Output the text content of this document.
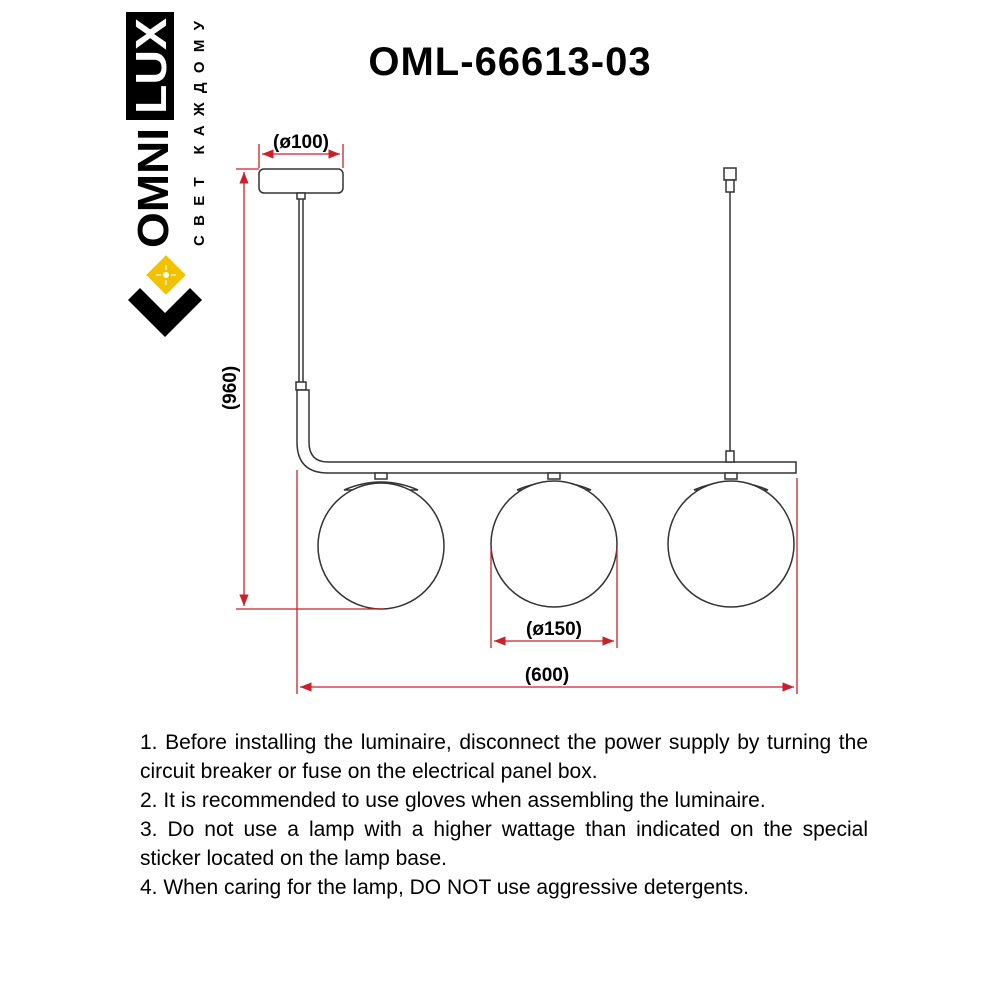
OMNI
LUX
СВЕТ КАЖДОМУ
(ø100)
(960)
(ø150)
(600)
OML-66613-03
1. Before installing the luminaire, disconnect the power supply by turning the circuit breaker or fuse on the electrical panel box.
2. It is recommended to use gloves when assembling the luminaire.
3. Do not use a lamp with a higher wattage than indicated on the special sticker located on the lamp base.
4. When caring for the lamp, DO NOT use aggressive detergents.
